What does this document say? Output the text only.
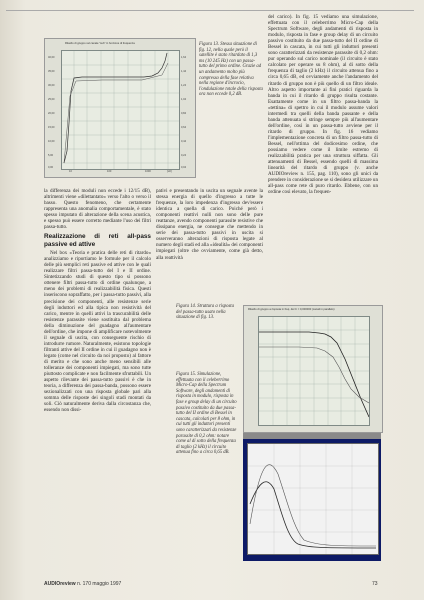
Ritardo di gruppo sul canale "sub" in funzione di frequenza
40,00
35,00
30,00
25,00
20,00
15,00
10,00
5,00
0,00
1,64
1,44
1,24
1,04
0,84
0,64
0,44
0,24
0,04
10	100	1000	[Hz]
Figura 13. Stessa situazione di fig. 12, nella quale però il satellite è stato ritardato di 1,3 ms (10 245 Hz) con un passa-tutto del primo ordine. Grazie ad un andamento molto più compresso della fase relativa nella regione d'incrocio, l'ondulazione totale della risposta ora non eccede 0,2 dB.

la differenza dei moduli non eccede i 12/15 dB), altrimenti viene «dilettantato» verso l'alto o verso il basso. Questo fenomeno, che certamente rappresenta una anomalia comportamentale, è stato spesso imputato di alterazione della scena acustica, e spesso può essere corretto mediante l'uso dei filtri passa-tutto.

Realizzazione di reti all-pass passive ed attive

Nel box «Teoria e pratica delle reti di ritardo» analizziamo e riportiamo le formule per il calcolo delle più semplici reti passive ed attive con le quali realizzare filtri passa-tutto del I e II ordine. Sintetizzando studi di questo tipo si possono ottenere filtri passa-tutto di ordine qualunque, a meno dei problemi di realizzabilità fisica. Questi inseriscono sopraffatto, per i passa-tutto passivi, alla precisione dei componenti, alle resistenze serie degli induttori ed alla tipica non resistività del carico, mentre in quelli attivi la trascurabilità delle resistenze parassite viene sostituita dal problema della diminuzione del guadagno all'aumentare dell'ordine, che impone di amplificare notevolmente il segnale di uscita, con conseguente rischio di introdurre rumore. Naturalmente, esistono topologie filtranti attive del II ordine in cui il guadagno non è legato (come nel circuito da noi proposto) al fattore di merito e che sono anche meno sensibili alle tolleranze dei componenti impiegati, ma sono tutte piuttosto complicate e non facilmente sfruttabili. Un aspetto rilevante dei passa-tutto passivi è che in teoria, a differenza dei passa-banda, possono essere sezionalizzati con una risposta globale pari alla somma delle risposte dei singoli stadi montati da soli. Ciò naturalmente deriva dalla circostanza che, essendo non dissi-

pativi e presentando in uscita un segnale avente la stessa energia di quello d'ingresso a tutte le frequenze, la loro impedenza d'ingresso dev'essere identica a quella di carico. Poiché però i componenti reattivi nulli non sono delle pure reattanze, avendo componenti parassite resistive che dissipano energia, ne consegue che mettendo in serie dei passa-tutto passivi in uscita si osserveranno alterazioni di risposta legate al numero degli stadi ed alla «idealità» dei componenti impiegati (oltre che ovviamente, come già detto, alla reattività

del carico). In fig. 15 vediamo una simulazione, effettuata con il celeberrimo Micro-Cap della Spectrum Software, degli andamenti di risposta in modulo, risposta in fase e group delay di un circuito passivo costituito da due passa-tutto del II ordine di Bessel in cascata, in cui tutti gli induttori presenti sono caratterizzati da resistenze parassite di 0,2 ohm: pur operando sul carico nominale (il circuito è stato calcolato per operare su 8 ohm), al di sotto della frequenza di taglio (2 kHz) il circuito attenua fino a circa 0,65 dB, ed ovviamente anche l'andamento del ritardo di gruppo non è più quello di un filtro ideale. Altro aspetto importante ai fini pratici riguarda la banda in cui il ritardo di gruppo risulta costante. Esattamente come in un filtro passa-banda la «tettina» di spettro in cui il modulo assume valori intermedi tra quelli della banda passante e della banda attenuata si stringe sempre più all'aumentare dell'ordine, così in un passa-tutto avviene per il ritardo di gruppo. In fig. 16 vediamo l'implementazione concreta di un filtro passa-tutto di Bessel, nell'ottima del dodicesimo ordine, che possiamo vedere come il limite estremo di realizzabilità pratica per una struttura siffatta. Gli attenuamenti di Bessel, essendo quelli di massima linearità del ritardo di gruppo (v. anche AUDIOreview n. 155, pag. 110), sono gli unici da prendere in considerazione se si desidera utilizzare un all-pass come rete di puro ritardo. Ebbene, con un ordine così elevato, la frequen-

Figura 14. Struttura a risposta del passa-tutto usato nella situazione di fig. 13.
Figura 15. Simulazione, effettuata con il celeberrimo Micro-Cap della Spectrum Software, degli andamenti di risposta in modulo, risposta in fase e group delay di un circuito passivo costituito da due passa-tutto del II ordine di Bessel in cascata, calcolati per 8 ohm, in cui tutti gli induttori presenti sono caratterizzati da resistenze parassite di 0,2 ohm: notare come al di sotto della frequenza di taglio (2 kHz) il circuito attenua fino a circa 0,65 dB.
Ritardo di gruppo a risposta in freq. del C = 0,000000 (canali in parallelo)
AUDIOreview n. 170 maggio 1997	73
